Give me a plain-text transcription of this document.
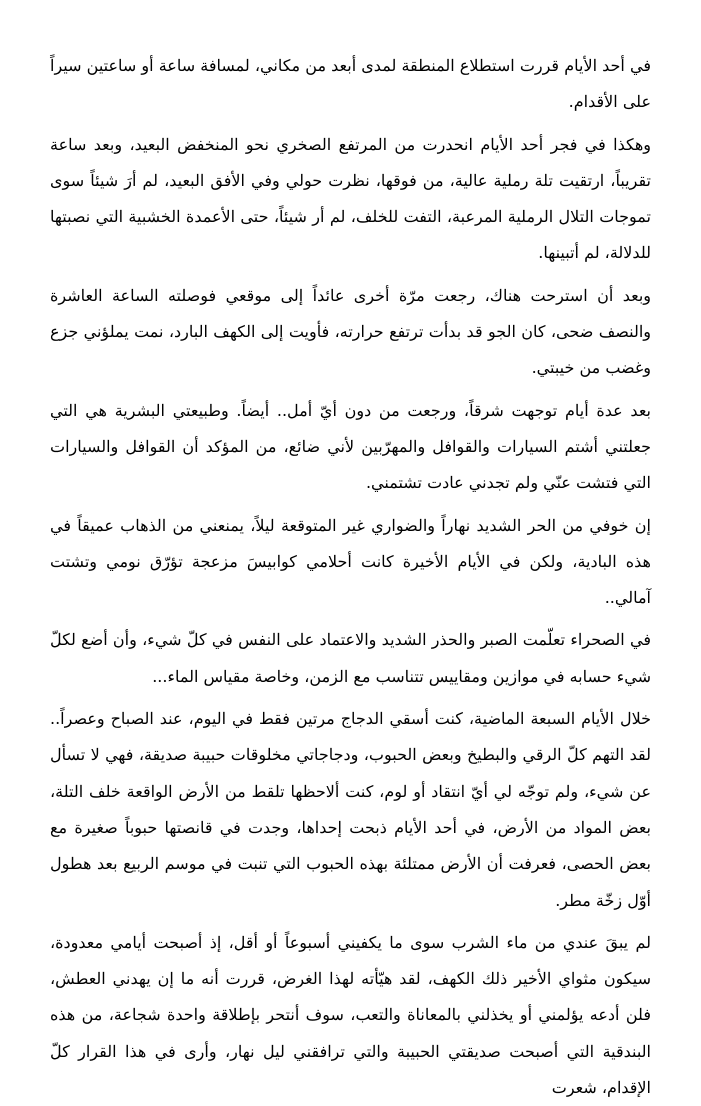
في أحد الأيام قررت استطلاع المنطقة لمدى أبعد من مكاني، لمسافة ساعة أو ساعتين سيراً على الأقدام.

وهكذا في فجر أحد الأيام انحدرت من المرتفع الصخري نحو المنخفض البعيد، وبعد ساعة تقريباً، ارتقيت تلة رملية عالية، من فوقها، نظرت حولي وفي الأفق البعيد، لم أرَ شيئاً سوى تموجات التلال الرملية المرعبة، التفت للخلف، لم أر شيئاً، حتى الأعمدة الخشبية التي نصبتها للدلالة، لم أتبينها.

وبعد أن استرحت هناك، رجعت مرّة أخرى عائداً إلى موقعي فوصلته الساعة العاشرة والنصف ضحى، كان الجو قد بدأت ترتفع حرارته، فأويت إلى الكهف البارد، نمت يملؤني جزع وغضب من خيبتي.

بعد عدة أيام توجهت شرقاً، ورجعت من دون أيّ أمل.. أيضاً. وطبيعتي البشرية هي التي جعلتني أشتم السيارات والقوافل والمهرّبين لأني ضائع، من المؤكد أن القوافل والسيارات التي فتشت عنّي ولم تجدني عادت تشتمني.

إن خوفي من الحر الشديد نهاراً والضواري غير المتوقعة ليلاً، يمنعني من الذهاب عميقاً في هذه البادية، ولكن في الأيام الأخيرة كانت أحلامي كوابيسَ مزعجة تؤرّق نومي وتشتت آمالي..

في الصحراء تعلّمت الصبر والحذر الشديد والاعتماد على النفس في كلّ شيء، وأن أضع لكلّ شيء حسابه في موازين ومقاييس تتناسب مع الزمن، وخاصة مقياس الماء...

خلال الأيام السبعة الماضية، كنت أسقي الدجاج مرتين فقط في اليوم، عند الصباح وعصراً.. لقد التهم كلّ الرقي والبطيخ وبعض الحبوب، ودجاجاتي مخلوقات حبيبة صديقة، فهي لا تسأل عن شيء، ولم توجّه لي أيّ انتقاد أو لوم، كنت ألاحظها تلقط من الأرض الواقعة خلف التلة، بعض المواد من الأرض، في أحد الأيام ذبحت إحداها، وجدت في قانصتها حبوباً صغيرة مع بعض الحصى، فعرفت أن الأرض ممتلئة بهذه الحبوب التي تنبت في موسم الربيع بعد هطول أوّل زخّة مطر.

لم يبقَ عندي من ماء الشرب سوى ما يكفيني أسبوعاً أو أقل، إذ أصبحت أيامي معدودة، سيكون مثواي الأخير ذلك الكهف، لقد هيّأته لهذا الغرض، قررت أنه ما إن يهدني العطش، فلن أدعه يؤلمني أو يخذلني بالمعاناة والتعب، سوف أنتحر بإطلاقة واحدة شجاعة، من هذه البندقية التي أصبحت صديقتي الحبيبة والتي ترافقني ليل نهار، وأرى في هذا القرار كلّ الإقدام، شعرت
